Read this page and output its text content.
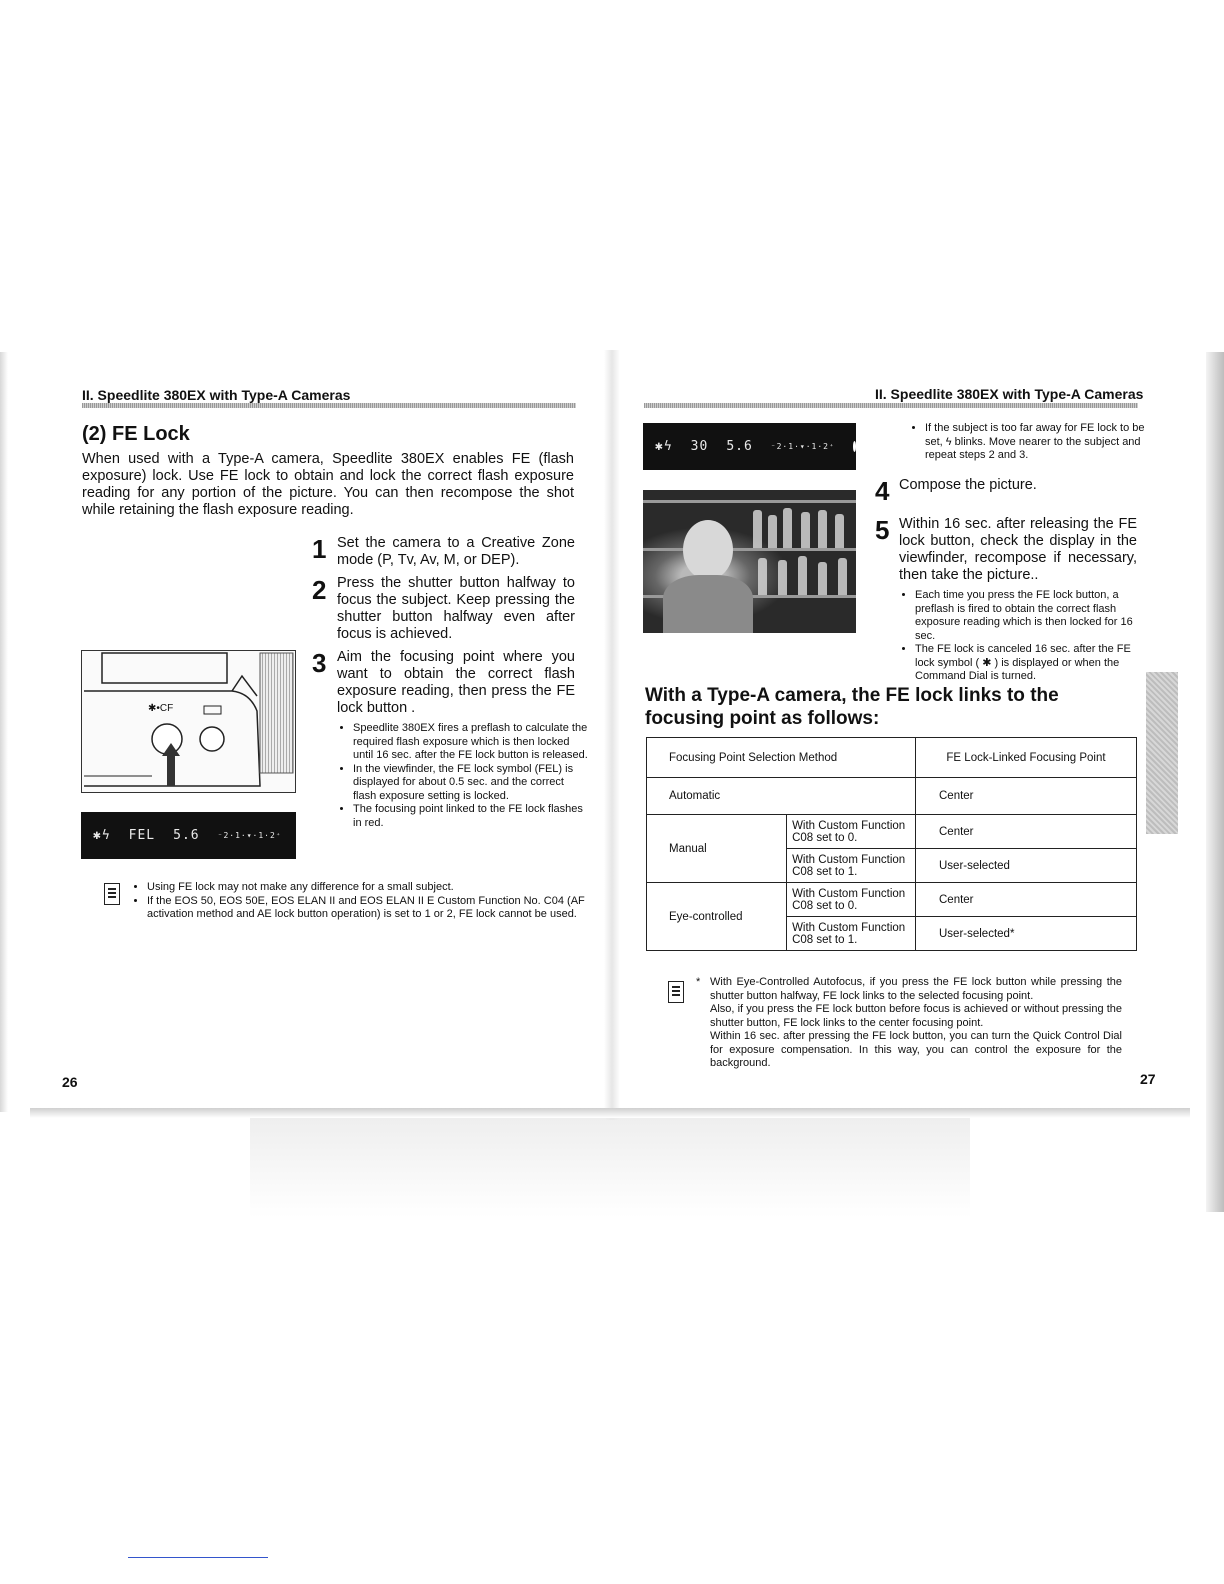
II. Speedlite 380EX with Type-A Cameras
(2) FE Lock
When used with a Type-A camera, Speedlite 380EX enables FE (flash exposure) lock. Use FE lock to obtain and lock the correct flash exposure reading for any portion of the picture. You can then recompose the shot while retaining the flash exposure reading.
1 Set the camera to a Creative Zone mode (P, Tv, Av, M, or DEP).
2 Press the shutter button halfway to focus the subject. Keep pressing the shutter button halfway even after focus is achieved.
3 Aim the focusing point where you want to obtain the correct flash exposure reading, then press the FE lock button .
• Speedlite 380EX fires a preflash to calculate the required flash exposure which is then locked until 16 sec. after the FE lock button is released.
• In the viewfinder, the FE lock symbol (FEL) is displayed for about 0.5 sec. and the correct flash exposure setting is locked.
• The focusing point linked to the FE lock flashes in red.
✱•CF
✱ϟ FEL 5.6 ⁻2·1·▾·1·2⁺
• Using FE lock may not make any difference for a small subject.
• If the EOS 50, EOS 50E, EOS ELAN II and EOS ELAN II E Custom Function No. C04 (AF activation method and AE lock button operation) is set to 1 or 2, FE lock cannot be used.
26
II. Speedlite 380EX with Type-A Cameras
✱ϟ 30 5.6 ⁻2·1·▾·1·2⁺
• If the subject is too far away for FE lock to be set, ϟ blinks. Move nearer to the subject and repeat steps 2 and 3.
4 Compose the picture.
5 Within 16 sec. after releasing the FE lock button, check the display in the viewfinder, recompose if necessary, then take the picture..
• Each time you press the FE lock button, a preflash is fired to obtain the correct flash exposure reading which is then locked for 16 sec.
• The FE lock is canceled 16 sec. after the FE lock symbol ( ✱ ) is displayed or when the Command Dial is turned.
With a Type-A camera, the FE lock links to the focusing point as follows:
Focusing Point Selection Method		FE Lock-Linked Focusing Point
Automatic		Center
Manual	With Custom Function C08 set to 0.	Center
	With Custom Function C08 set to 1.	User-selected
Eye-controlled	With Custom Function C08 set to 0.	Center
	With Custom Function C08 set to 1.	User-selected*
* With Eye-Controlled Autofocus, if you press the FE lock button while pressing the shutter button halfway, FE lock links to the selected focusing point.
Also, if you press the FE lock button before focus is achieved or without pressing the shutter button, FE lock links to the center focusing point.
Within 16 sec. after pressing the FE lock button, you can turn the Quick Control Dial for exposure compensation. In this way, you can control the exposure for the background.
27
